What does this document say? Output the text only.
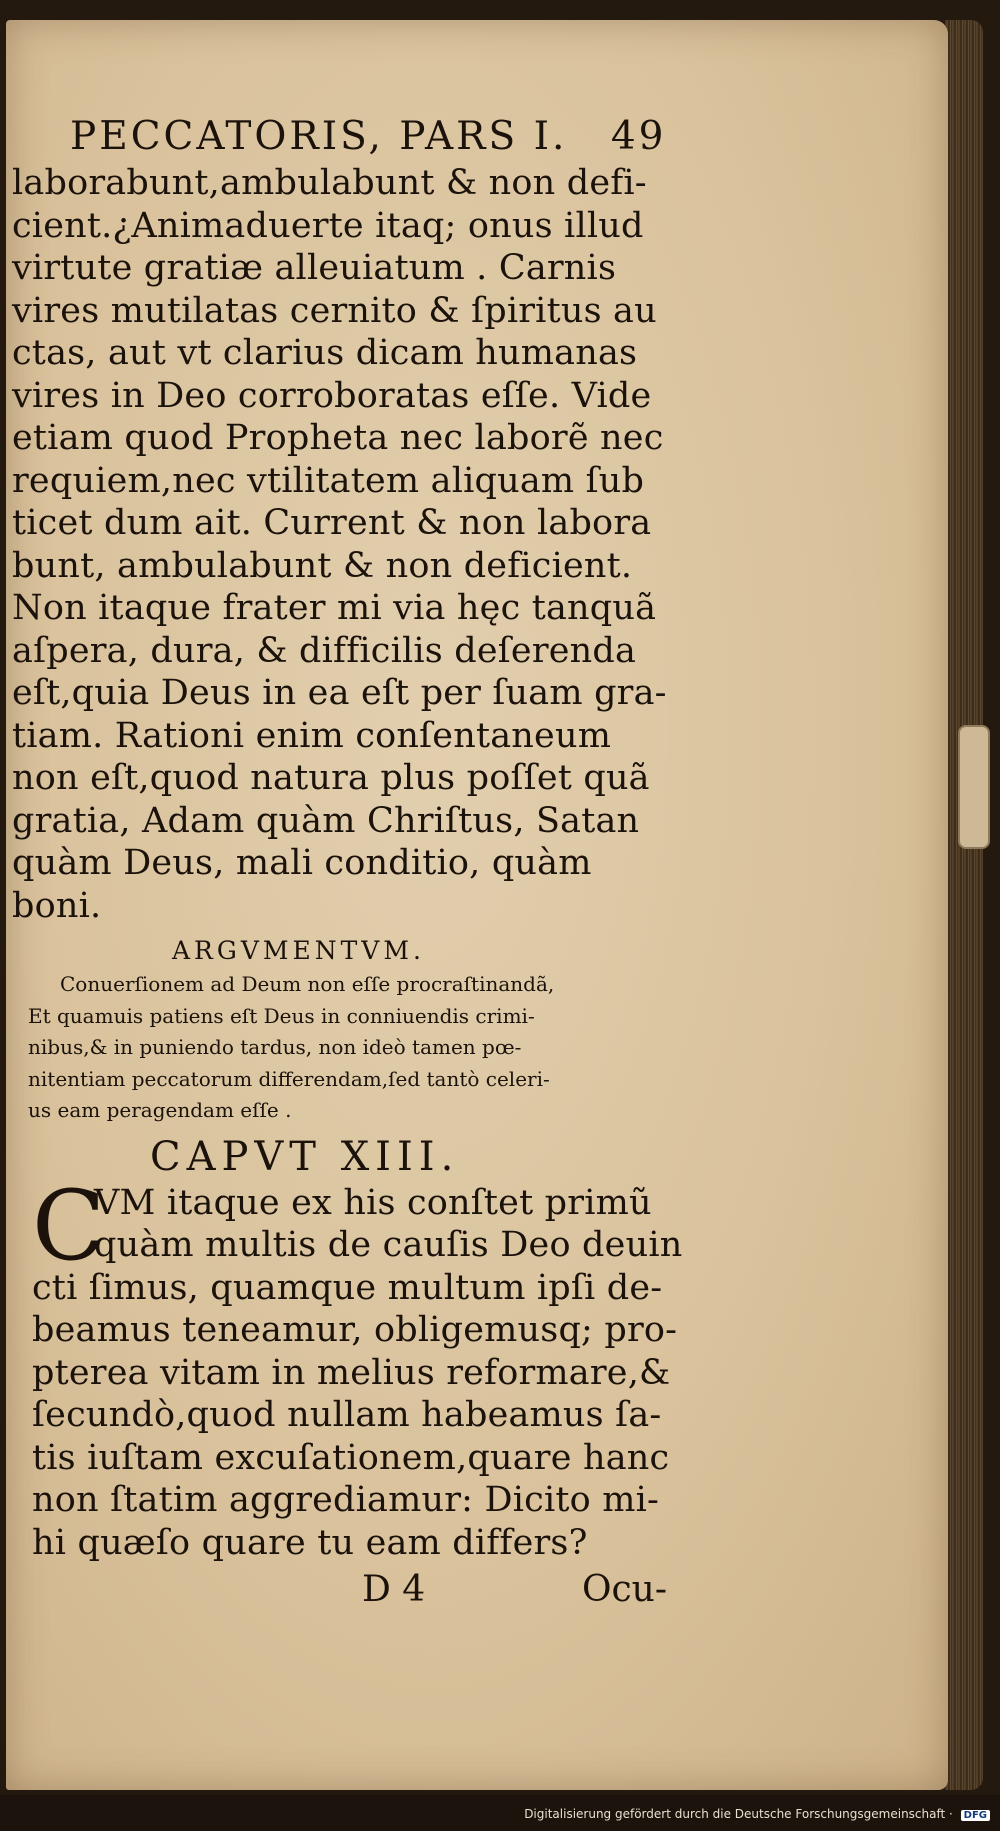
PECCATORIS, PARS I. 49
laborabunt,ambulabunt & non defi-
cient.¿Animaduerte itaq; onus illud
virtute gratiæ alleuiatum . Carnis
vires mutilatas cernito & ſpiritus au
ctas, aut vt clarius dicam humanas
vires in Deo corroboratas eſſe. Vide
etiam quod Propheta nec laborẽ nec
requiem,nec vtilitatem aliquam ſub
ticet dum ait. Current & non labora
bunt, ambulabunt & non deficient.
Non itaque frater mi via hęc tanquã
aſpera, dura, & difficilis deſerenda
eſt,quia Deus in ea eſt per ſuam gra-
tiam. Rationi enim conſentaneum
non eſt,quod natura plus poſſet quã
gratia, Adam quàm Chriſtus, Satan
quàm Deus, mali conditio, quàm
boni.
ARGVMENTVM.
Conuerſionem ad Deum non eſſe procraſtinandã,
Et quamuis patiens eſt Deus in conniuendis crimi-
nibus,& in puniendo tardus, non ideò tamen pœ-
nitentiam peccatorum differendam,ſed tantò celeri-
us eam peragendam eſſe .
CAPVT XIII.
C
VM itaque ex his conſtet primũ
quàm multis de cauſis Deo deuin
cti ſimus, quamque multum ipſi de-
beamus teneamur, obligemusq; pro-
pterea vitam in melius reformare,&
ſecundò,quod nullam habeamus ſa-
tis iuſtam excuſationem,quare hanc
non ſtatim aggrediamur: Dicito mi-
hi quæſo quare tu eam differs?
D 4	Ocu-
Digitalisierung gefördert durch die Deutsche Forschungsgemeinschaft · DFG
